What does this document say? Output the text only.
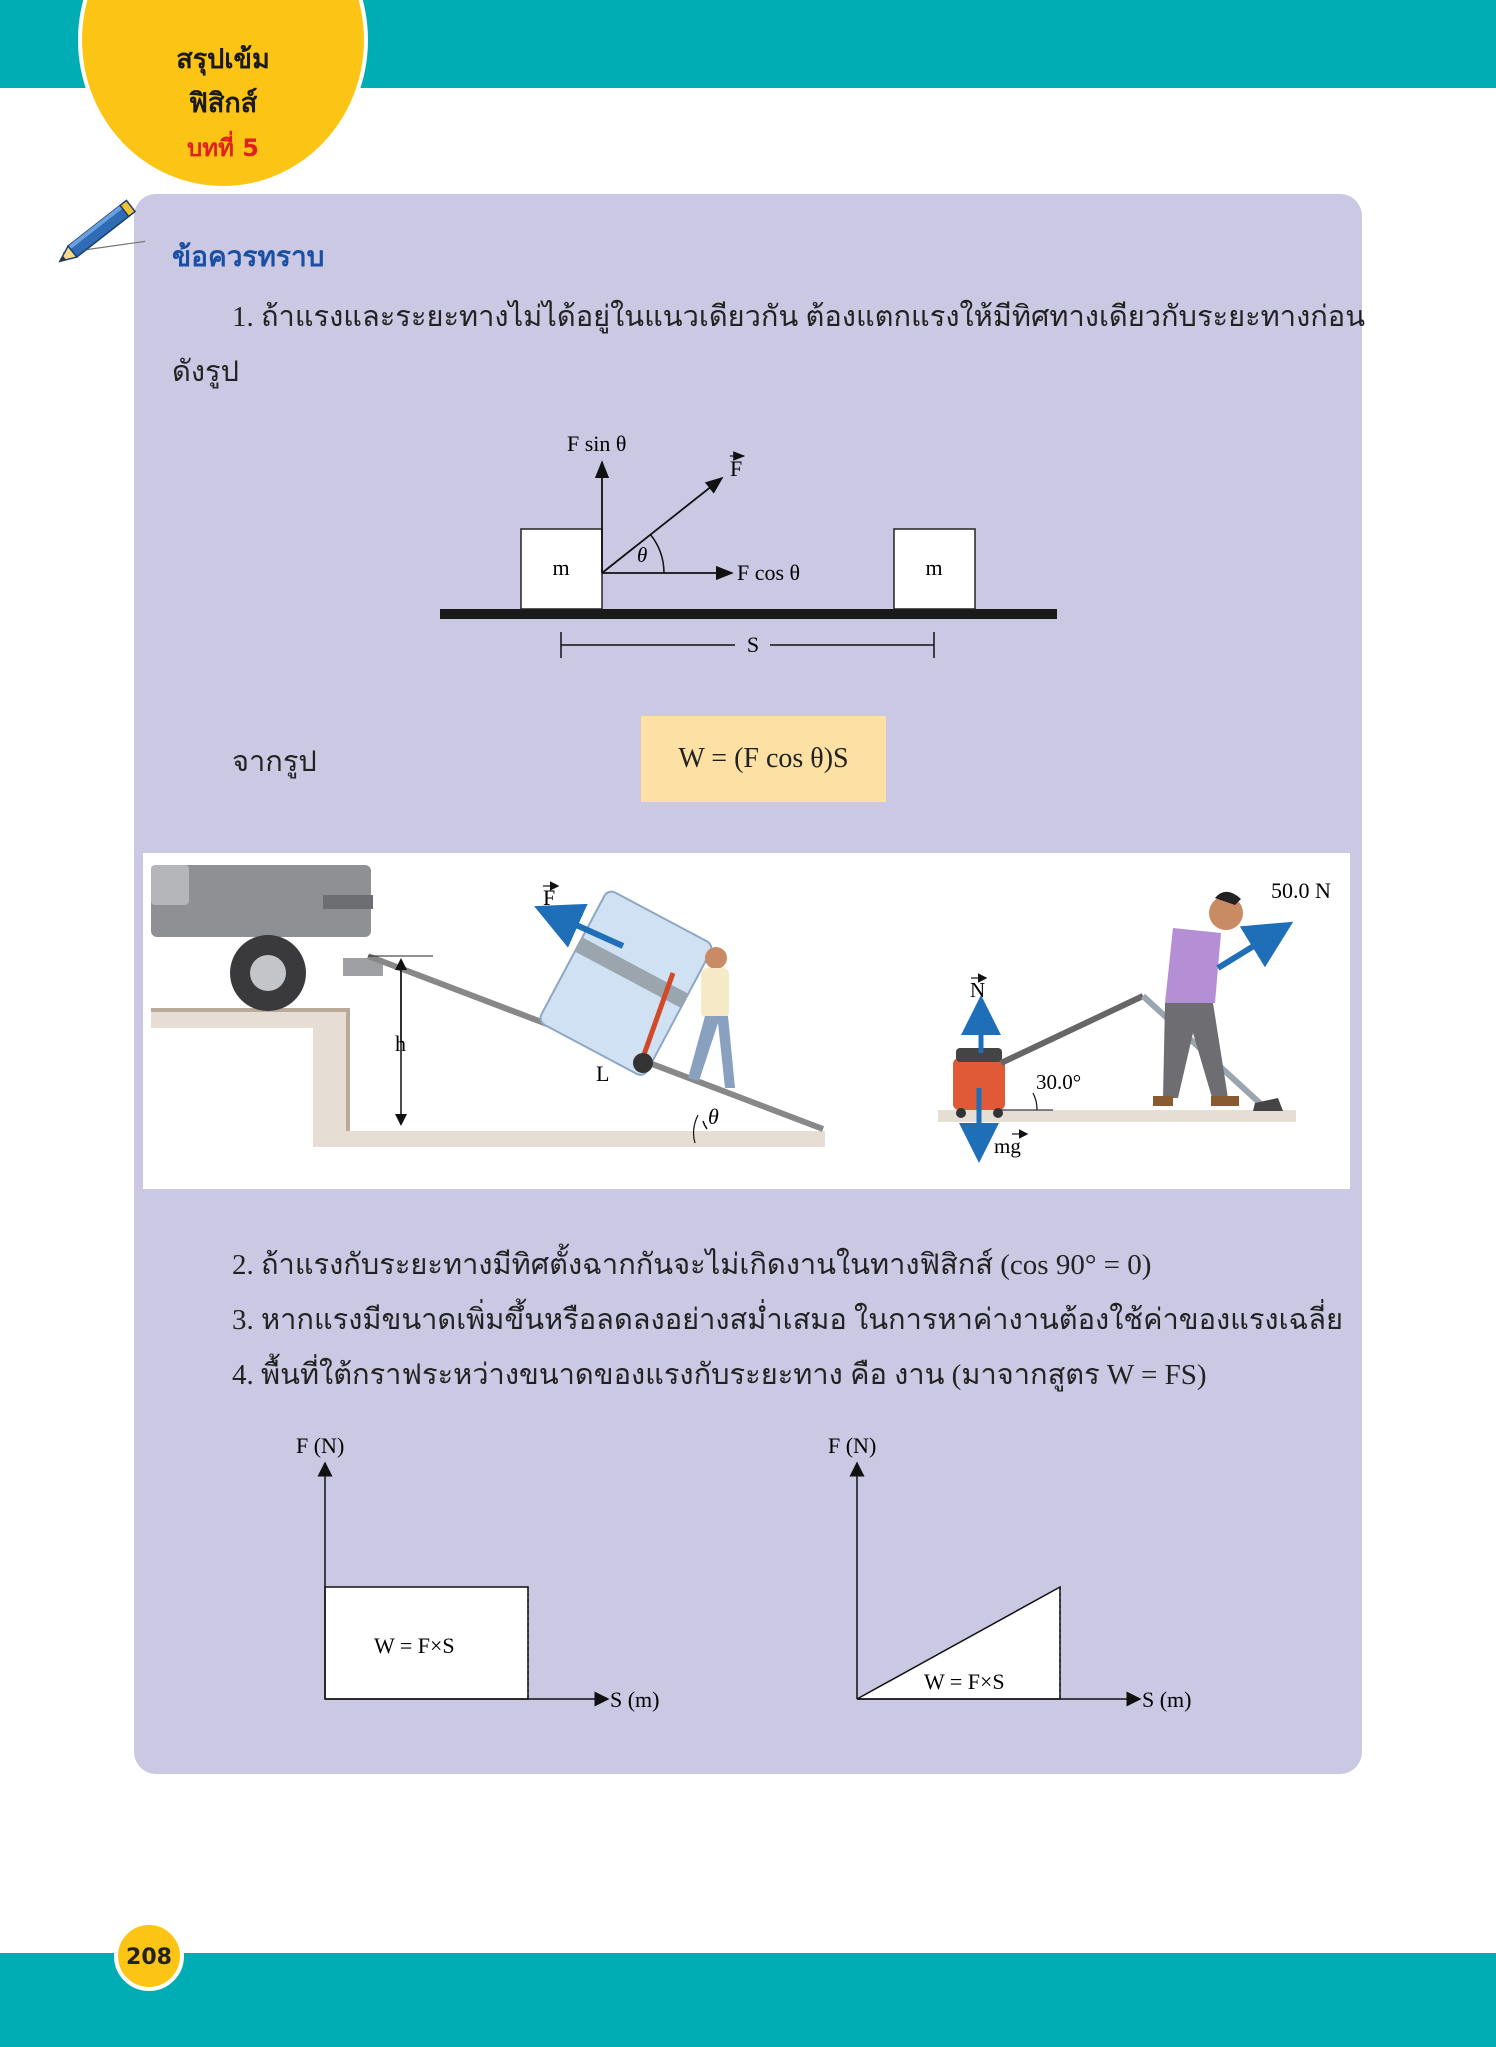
สรุปเข้ม
ฟิสิกส์
บทที่ 5
ข้อควรทราบ
1. ถ้าแรงและระยะทางไม่ได้อยู่ในแนวเดียวกัน ต้องแตกแรงให้มีทิศทางเดียวกับระยะทางก่อน
ดังรูป
m	m
F sin θ
F
θ
F cos θ
S
จากรูป	W = (F cos θ)S
h
L
θ
F	50.0 N
N
mg
30.0°
2. ถ้าแรงกับระยะทางมีทิศตั้งฉากกันจะไม่เกิดงานในทางฟิสิกส์ (cos 90° = 0)
3. หากแรงมีขนาดเพิ่มขึ้นหรือลดลงอย่างสม่ำเสมอ ในการหาค่างานต้องใช้ค่าของแรงเฉลี่ย
4. พื้นที่ใต้กราฟระหว่างขนาดของแรงกับระยะทาง คือ งาน (มาจากสูตร W = FS)
F (N)
S (m)
W = F×S
F (N)
S (m)
W = F×S
208
